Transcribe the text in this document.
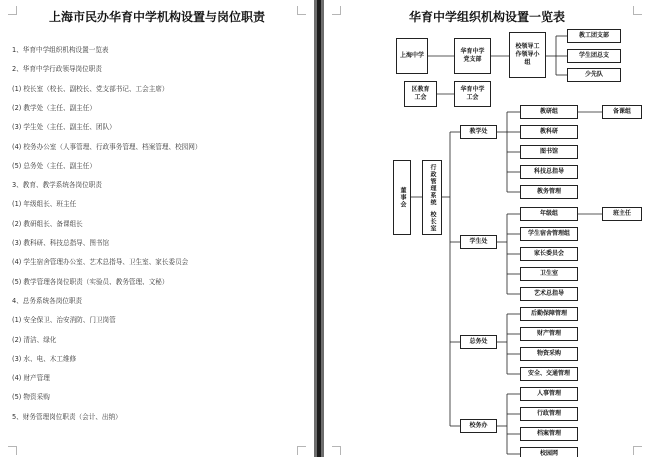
上海市民办华育中学机构设置与岗位职责
1、华育中学组织机构设置一览表
2、华育中学行政领导岗位职责
(1) 校长室（校长、副校长、党支部书记、工会主席）
(2) 教学处（主任、副主任）
(3) 学生处（主任、副主任、团队）
(4) 校务办公室（人事管理、行政事务管理、档案管理、校园网）
(5) 总务处（主任、副主任）
3、教育、教学系统各岗位职责
(1) 年级组长、班主任
(2) 教研组长、备课组长
(3) 教科研、科技总指导、图书馆
(4) 学生宿舍管理办公室、艺术总指导、卫生室、家长委员会
(5) 教学管理各岗位职责（实验员、教务管理、文秘）
4、总务系统各岗位职责
(1) 安全保卫、治安消防、门卫岗管
(2) 清洁、绿化
(3) 水、电、木工维修
(4) 财产管理
(5) 物资采购
5、财务管理岗位职责（会计、出纳）
华育中学组织机构设置一览表
上海中学
华育中学
党支部
校领导工
作领导小
组
教工团支部
学生团总支
少先队
区教育
工会
华育中学
工会
董事会	行政管理系统
校长室
教学处
教研组
教科研
图书馆
科技总指导
教务管理
备课组
学生处
年级组
学生宿舍管理组
家长委员会
卫生室
艺术总指导
班主任
总务处
后勤保障管理
财产管理
物资采购
安全、交通管理
校务办
人事管理
行政管理
档案管理
校园网
